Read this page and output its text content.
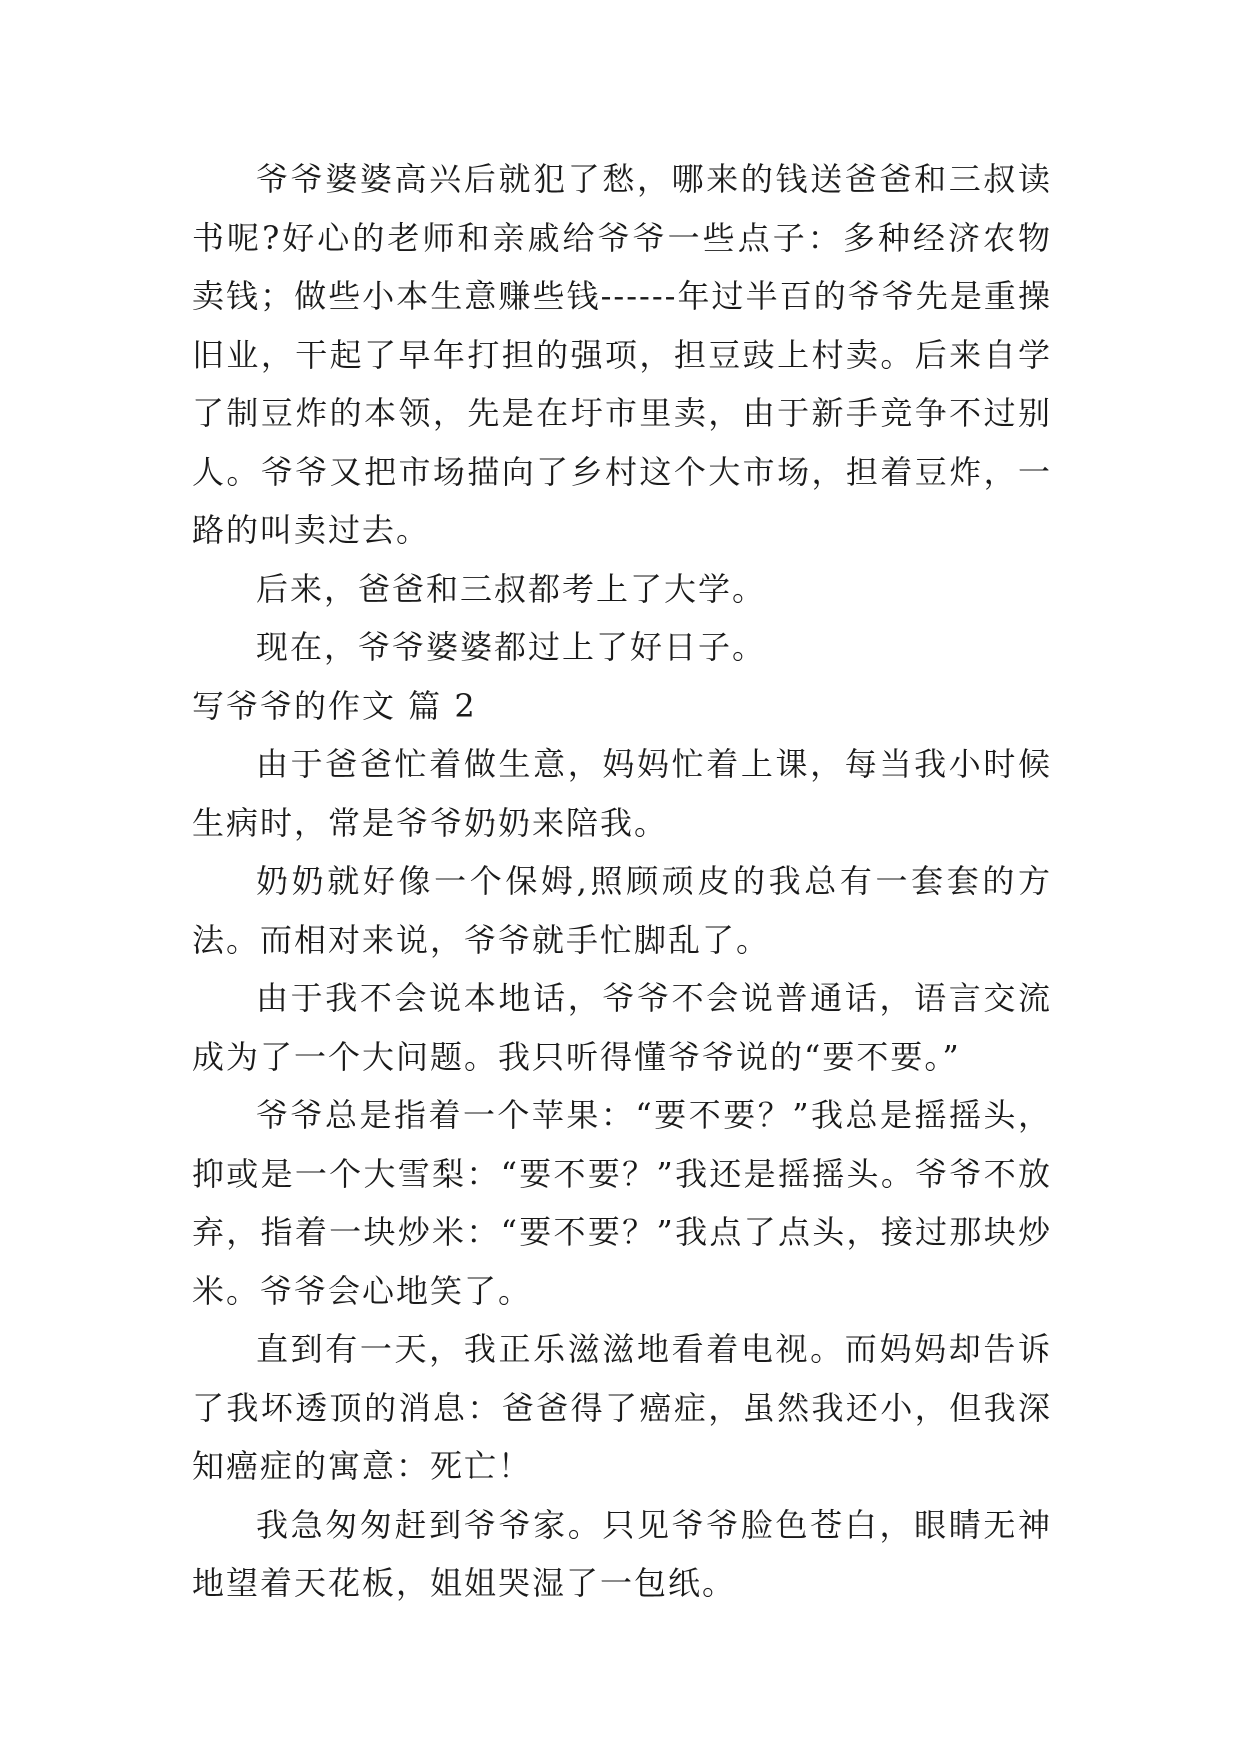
爷爷婆婆高兴后就犯了愁，哪来的钱送爸爸和三叔读书呢?好心的老师和亲戚给爷爷一些点子：多种经济农物卖钱；做些小本生意赚些钱------年过半百的爷爷先是重操旧业，干起了早年打担的强项，担豆豉上村卖。后来自学了制豆炸的本领，先是在圩市里卖，由于新手竞争不过别人。爷爷又把市场描向了乡村这个大市场，担着豆炸，一路的叫卖过去。

后来，爸爸和三叔都考上了大学。

现在，爷爷婆婆都过上了好日子。

写爷爷的作文 篇 2

由于爸爸忙着做生意，妈妈忙着上课，每当我小时候生病时，常是爷爷奶奶来陪我。

奶奶就好像一个保姆,照顾顽皮的我总有一套套的方法。而相对来说，爷爷就手忙脚乱了。

由于我不会说本地话，爷爷不会说普通话，语言交流成为了一个大问题。我只听得懂爷爷说的“要不要。”

爷爷总是指着一个苹果：“要不要？”我总是摇摇头，抑或是一个大雪梨：“要不要？”我还是摇摇头。爷爷不放弃，指着一块炒米：“要不要？”我点了点头，接过那块炒米。爷爷会心地笑了。

直到有一天，我正乐滋滋地看着电视。而妈妈却告诉了我坏透顶的消息：爸爸得了癌症，虽然我还小，但我深知癌症的寓意：死亡！

我急匆匆赶到爷爷家。只见爷爷脸色苍白，眼睛无神地望着天花板，姐姐哭湿了一包纸。
